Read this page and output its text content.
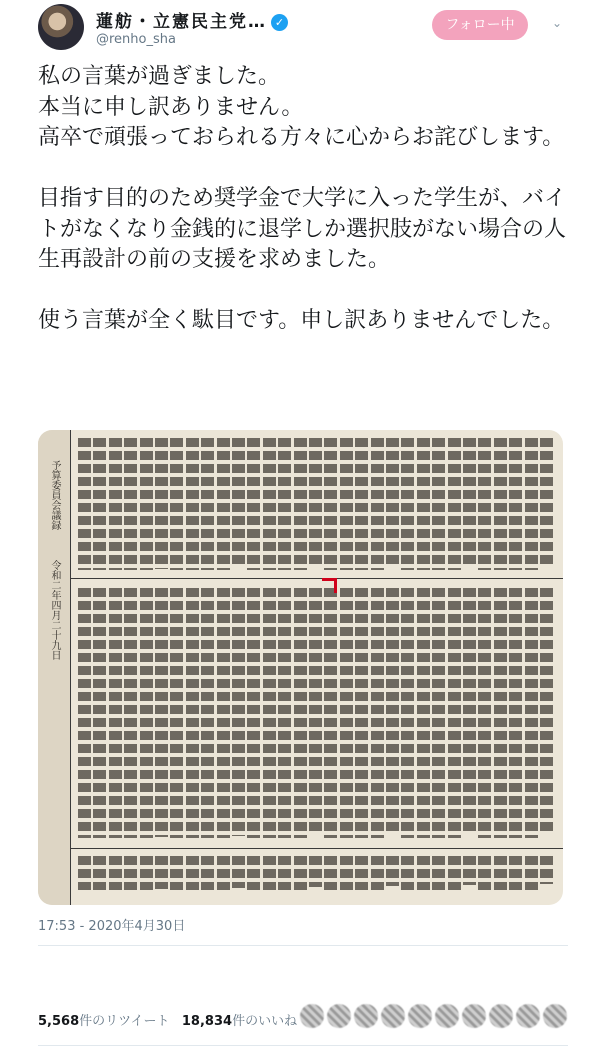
蓮舫・立憲民主党… ✓
@renho_sha
フォロー中	⌄
私の言葉が過ぎました。
本当に申し訳ありません。
高卒で頑張っておられる方々に心からお詫びします。

目指す目的のため奨学金で大学に入った学生が、バイトがなくなり金銭的に退学しか選択肢がない場合の人生再設計の前の支援を求めました。

使う言葉が全く駄目です。申し訳ありませんでした。
予算委員会議録
令和二年四月二十九日
17:53 - 2020年4月30日
5,568件のリツイート 18,834件のいいね
